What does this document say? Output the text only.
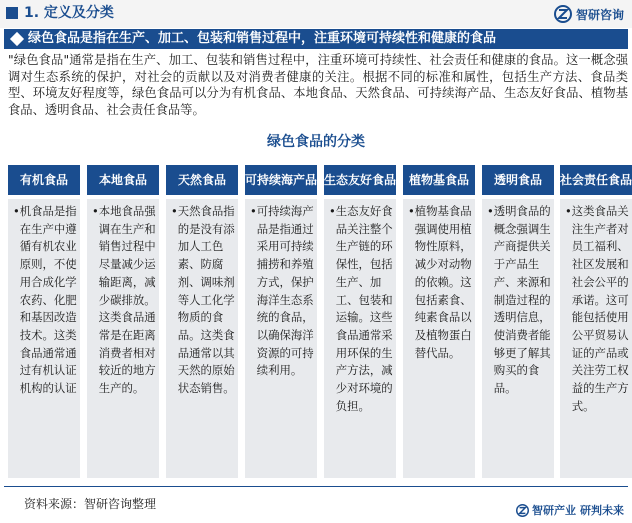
1. 定义及分类	智研咨询
绿色食品是指在生产、加工、包装和销售过程中，注重环境可持续性和健康的食品
"绿色食品"通常是指在生产、加工、包装和销售过程中，注重环境可持续性、社会责任和健康的食品。这一概念强调对生态系统的保护，对社会的贡献以及对消费者健康的关注。根据不同的标准和属性，包括生产方法、食品类型、环境友好程度等，绿色食品可以分为有机食品、本地食品、天然食品、可持续海产品、生态友好食品、植物基食品、透明食品、社会责任食品等。
绿色食品的分类
有机食品
• 机食品是指在生产中遵循有机农业原则，不使用合成化学农药、化肥和基因改造技术。这类食品通常通过有机认证机构的认证
本地食品
• 本地食品强调在生产和销售过程中尽量减少运输距离，减少碳排放。这类食品通常是在距离消费者相对较近的地方生产的。
天然食品
• 天然食品指的是没有添加人工色素、防腐剂、调味剂等人工化学物质的食品。这类食品通常以其天然的原始状态销售。
可持续海产品
• 可持续海产品是指通过采用可持续捕捞和养殖方式，保护海洋生态系统的食品，以确保海洋资源的可持续利用。
生态友好食品
• 生态友好食品关注整个生产链的环保性，包括生产、加工、包装和运输。这些食品通常采用环保的生产方法，减少对环境的负担。
植物基食品
• 植物基食品强调使用植物性原料，减少对动物的依赖。这包括素食、纯素食品以及植物蛋白替代品。
透明食品
• 透明食品的概念强调生产商提供关于产品生产、来源和制造过程的透明信息，使消费者能够更了解其购买的食品。
社会责任食品
• 这类食品关注生产者对员工福利、社区发展和社会公平的承诺。这可能包括使用公平贸易认证的产品或关注劳工权益的生产方式。
资料来源：智研咨询整理	智研产业 研判未来
